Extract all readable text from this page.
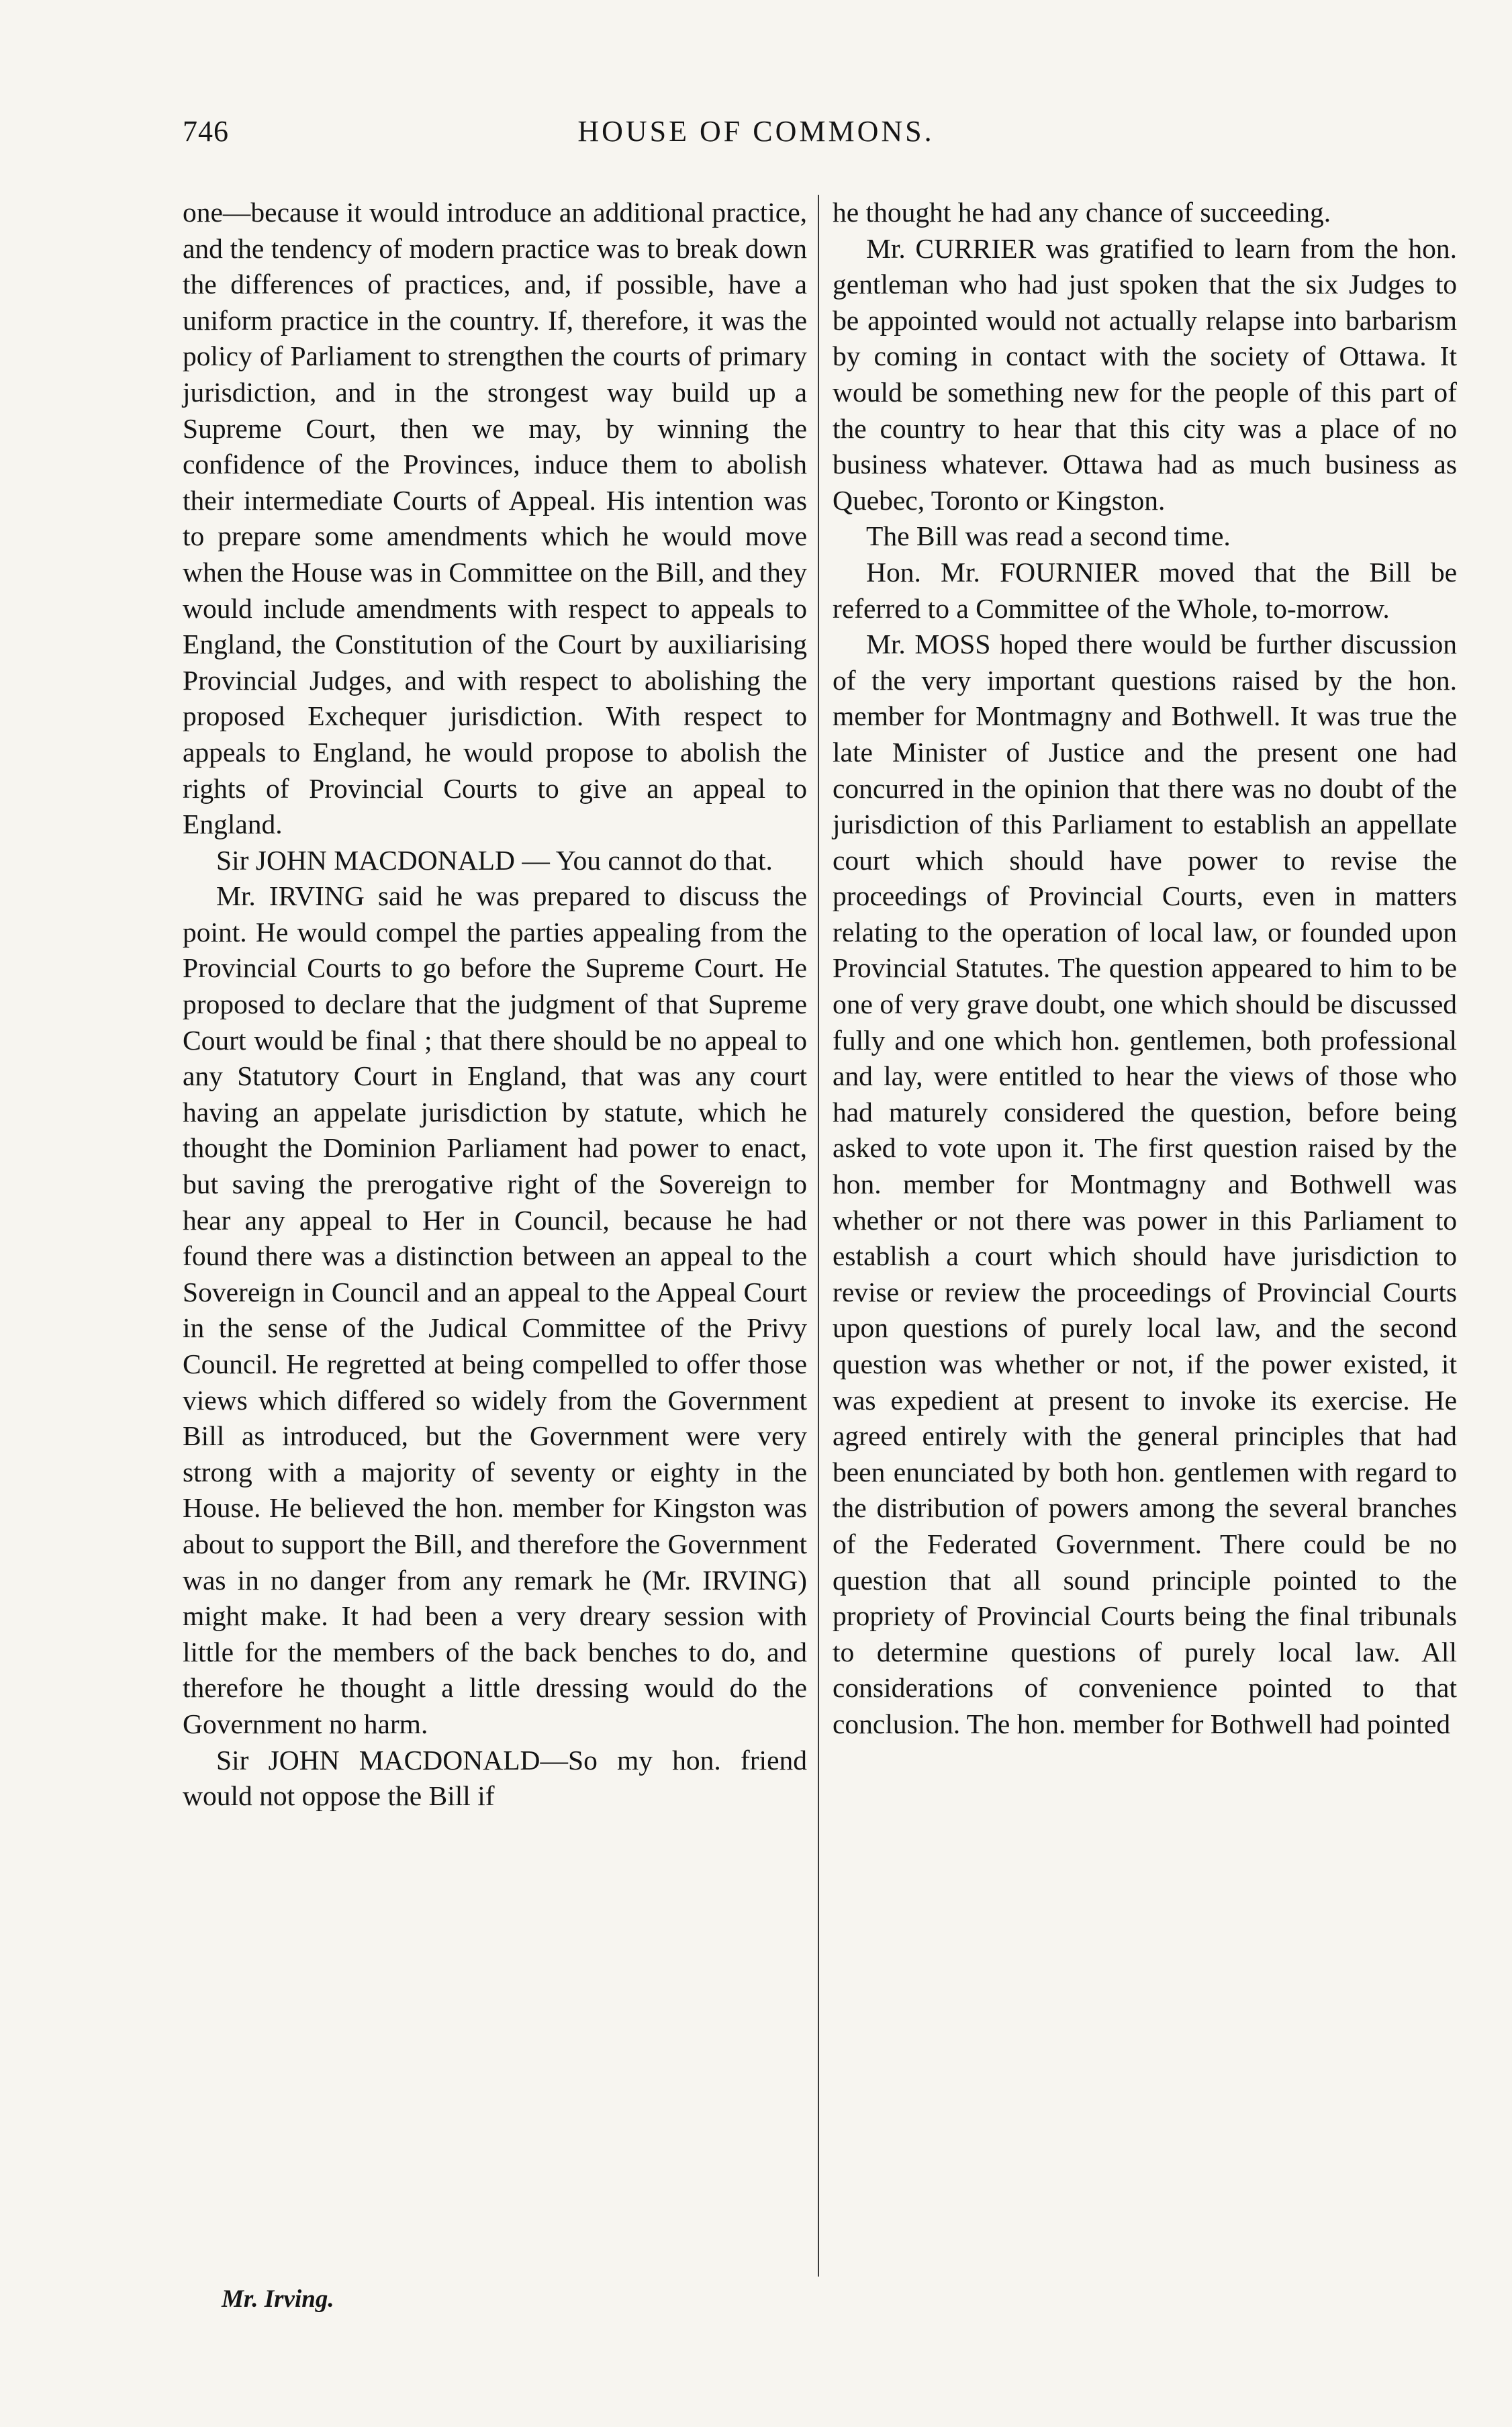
746	HOUSE OF COMMONS.

one—because it would introduce an additional practice, and the tendency of modern practice was to break down the differences of practices, and, if possible, have a uniform practice in the country. If, therefore, it was the policy of Parliament to strengthen the courts of primary jurisdiction, and in the strongest way build up a Supreme Court, then we may, by winning the confidence of the Provinces, induce them to abolish their intermediate Courts of Appeal. His intention was to prepare some amendments which he would move when the House was in Committee on the Bill, and they would include amendments with respect to appeals to England, the Constitution of the Court by auxiliarising Provincial Judges, and with respect to abolishing the proposed Exchequer jurisdiction. With respect to appeals to England, he would propose to abolish the rights of Provincial Courts to give an appeal to England.

Sir JOHN MACDONALD — You cannot do that.

Mr. IRVING said he was prepared to discuss the point. He would compel the parties appealing from the Provincial Courts to go before the Supreme Court. He proposed to declare that the judgment of that Supreme Court would be final ; that there should be no appeal to any Statutory Court in England, that was any court having an appelate jurisdiction by statute, which he thought the Dominion Parliament had power to enact, but saving the prerogative right of the Sovereign to hear any appeal to Her in Council, because he had found there was a distinction between an appeal to the Sovereign in Council and an appeal to the Appeal Court in the sense of the Judical Committee of the Privy Council. He regretted at being compelled to offer those views which differed so widely from the Government Bill as introduced, but the Government were very strong with a majority of seventy or eighty in the House. He believed the hon. member for Kingston was about to support the Bill, and therefore the Government was in no danger from any remark he (Mr. IRVING) might make. It had been a very dreary session with little for the members of the back benches to do, and therefore he thought a little dressing would do the Government no harm.

Sir JOHN MACDONALD—So my hon. friend would not oppose the Bill if

he thought he had any chance of succeeding.

Mr. CURRIER was gratified to learn from the hon. gentleman who had just spoken that the six Judges to be appointed would not actually relapse into barbarism by coming in contact with the society of Ottawa. It would be something new for the people of this part of the country to hear that this city was a place of no business whatever. Ottawa had as much business as Quebec, Toronto or Kingston.

The Bill was read a second time.

Hon. Mr. FOURNIER moved that the Bill be referred to a Committee of the Whole, to-morrow.

Mr. MOSS hoped there would be further discussion of the very important questions raised by the hon. member for Montmagny and Bothwell. It was true the late Minister of Justice and the present one had concurred in the opinion that there was no doubt of the jurisdiction of this Parliament to establish an appellate court which should have power to revise the proceedings of Provincial Courts, even in matters relating to the operation of local law, or founded upon Provincial Statutes. The question appeared to him to be one of very grave doubt, one which should be discussed fully and one which hon. gentlemen, both professional and lay, were entitled to hear the views of those who had maturely considered the question, before being asked to vote upon it. The first question raised by the hon. member for Montmagny and Bothwell was whether or not there was power in this Parliament to establish a court which should have jurisdiction to revise or review the proceedings of Provincial Courts upon questions of purely local law, and the second question was whether or not, if the power existed, it was expedient at present to invoke its exercise. He agreed entirely with the general principles that had been enunciated by both hon. gentlemen with regard to the distribution of powers among the several branches of the Federated Government. There could be no question that all sound principle pointed to the propriety of Provincial Courts being the final tribunals to determine questions of purely local law. All considerations of convenience pointed to that conclusion. The hon. member for Bothwell had pointed

Mr. Irving.
